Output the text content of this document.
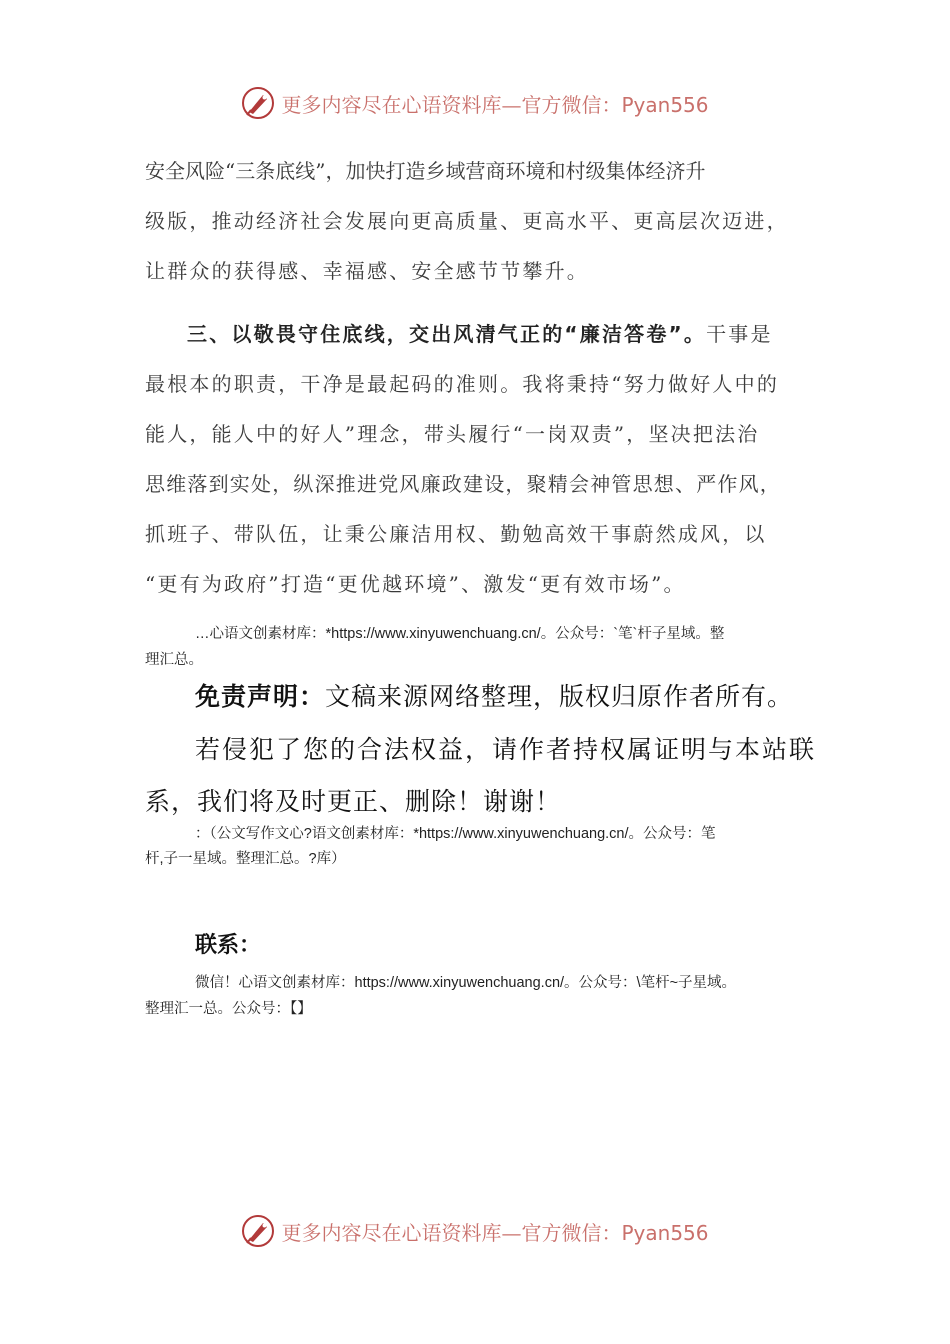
更多内容尽在心语资料库—官方微信：Pyan556
安全风险“三条底线”，加快打造乡域营商环境和村级集体经济升
级版，推动经济社会发展向更高质量、更高水平、更高层次迈进，
让群众的获得感、幸福感、安全感节节攀升。
三、以敬畏守住底线，交出风清气正的“廉洁答卷”。干事是
最根本的职责，干净是最起码的准则。我将秉持“努力做好人中的
能人，能人中的好人”理念，带头履行“一岗双责”，坚决把法治
思维落到实处，纵深推进党风廉政建设，聚精会神管思想、严作风，
抓班子、带队伍，让秉公廉洁用权、勤勉高效干事蔚然成风，以
“更有为政府”打造“更优越环境”、激发“更有效市场”。
…心语文创素材库：*https://www.xinyuwenchuang.cn/。公众号：`笔`杆子星域。整
理汇总。
免责声明：文稿来源网络整理，版权归原作者所有。
若侵犯了您的合法权益，请作者持权属证明与本站联
系，我们将及时更正、删除！谢谢！
：（公文写作文心?语文创素材库：*https://www.xinyuwenchuang.cn/。公众号：笔
杆,子一星域。整理汇总。?库）
联系：
微信！心语文创素材库：https://www.xinyuwenchuang.cn/。公众号：\笔杆~子星域。
整理汇一总。公众号：【】
更多内容尽在心语资料库—官方微信：Pyan556
